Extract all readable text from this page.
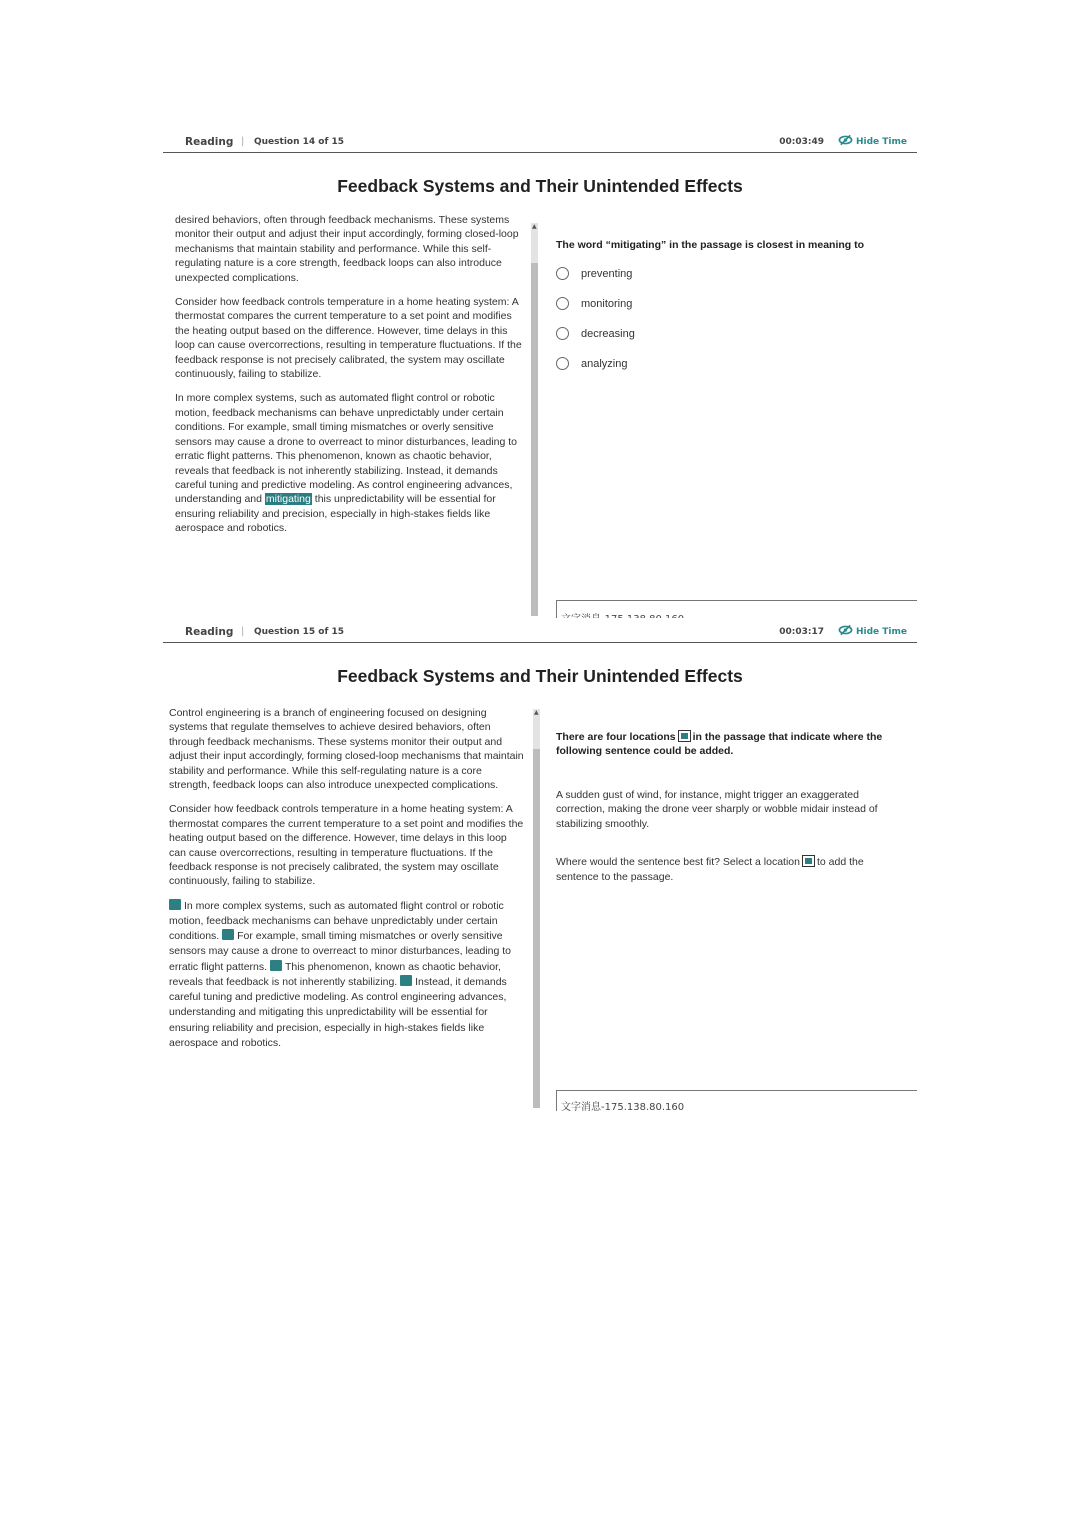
Reading | Question 14 of 15	00:03:49	Hide Time
Feedback Systems and Their Unintended Effects

desired behaviors, often through feedback mechanisms. These systems monitor their output and adjust their input accordingly, forming closed-loop mechanisms that maintain stability and performance. While this self-regulating nature is a core strength, feedback loops can also introduce unexpected complications.

Consider how feedback controls temperature in a home heating system: A thermostat compares the current temperature to a set point and modifies the heating output based on the difference. However, time delays in this loop can cause overcorrections, resulting in temperature fluctuations. If the feedback response is not precisely calibrated, the system may oscillate continuously, failing to stabilize.

In more complex systems, such as automated flight control or robotic motion, feedback mechanisms can behave unpredictably under certain conditions. For example, small timing mismatches or overly sensitive sensors may cause a drone to overreact to minor disturbances, leading to erratic flight patterns. This phenomenon, known as chaotic behavior, reveals that feedback is not inherently stabilizing. Instead, it demands careful tuning and predictive modeling. As control engineering advances, understanding and mitigating this unpredictability will be essential for ensuring reliability and precision, especially in high-stakes fields like aerospace and robotics.

▲
The word “mitigating” in the passage is closest in meaning to
preventing
monitoring
decreasing
analyzing
Reading | Question 15 of 15	00:03:17	Hide Time
Feedback Systems and Their Unintended Effects

Control engineering is a branch of engineering focused on designing systems that regulate themselves to achieve desired behaviors, often through feedback mechanisms. These systems monitor their output and adjust their input accordingly, forming closed-loop mechanisms that maintain stability and performance. While this self-regulating nature is a core strength, feedback loops can also introduce unexpected complications.

Consider how feedback controls temperature in a home heating system: A thermostat compares the current temperature to a set point and modifies the heating output based on the difference. However, time delays in this loop can cause overcorrections, resulting in temperature fluctuations. If the feedback response is not precisely calibrated, the system may oscillate continuously, failing to stabilize.

In more complex systems, such as automated flight control or robotic motion, feedback mechanisms can behave unpredictably under certain conditions. For example, small timing mismatches or overly sensitive sensors may cause a drone to overreact to minor disturbances, leading to erratic flight patterns. This phenomenon, known as chaotic behavior, reveals that feedback is not inherently stabilizing. Instead, it demands careful tuning and predictive modeling. As control engineering advances, understanding and mitigating this unpredictability will be essential for ensuring reliability and precision, especially in high-stakes fields like aerospace and robotics.

▲
There are four locations in the passage that indicate where the following sentence could be added.
A sudden gust of wind, for instance, might trigger an exaggerated correction, making the drone veer sharply or wobble midair instead of stabilizing smoothly.
Where would the sentence best fit? Select a location to add the sentence to the passage.
文字消息-175.138.80.160
